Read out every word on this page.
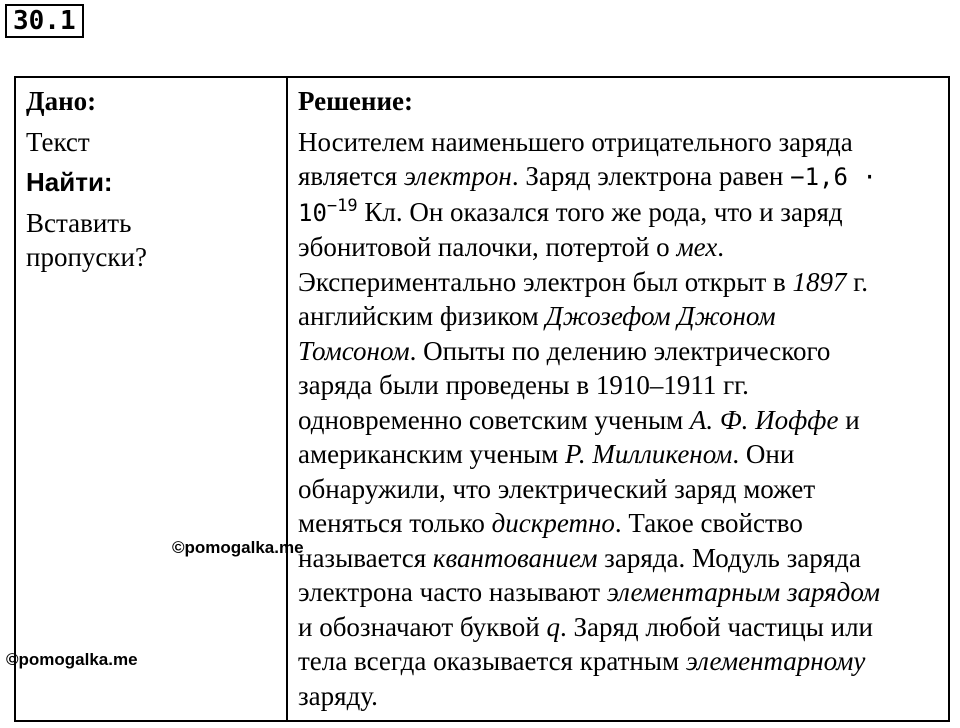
30.1
Дано:
Текст
Найти:
Вставить
пропуски?

Решение:
Носителем наименьшего отрицательного заряда
является электрон. Заряд электрона равен −1,6 ·
$10^{-19}$ Кл. Он оказался того же рода, что и заряд
эбонитовой палочки, потертой о мех.
Экспериментально электрон был открыт в 1897 г.
английским физиком Джозефом Джоном
Томсоном. Опыты по делению электрического
заряда были проведены в 1910–1911 гг.
одновременно советским ученым А. Ф. Иоффе и
американским ученым Р. Милликеном. Они
обнаружили, что электрический заряд может
меняться только дискретно. Такое свойство
называется квантованием заряда. Модуль заряда
электрона часто называют элементарным зарядом
и обозначают буквой q. Заряд любой частицы или
тела всегда оказывается кратным элементарному
заряду.
©pomogalka.me
©pomogalka.me
